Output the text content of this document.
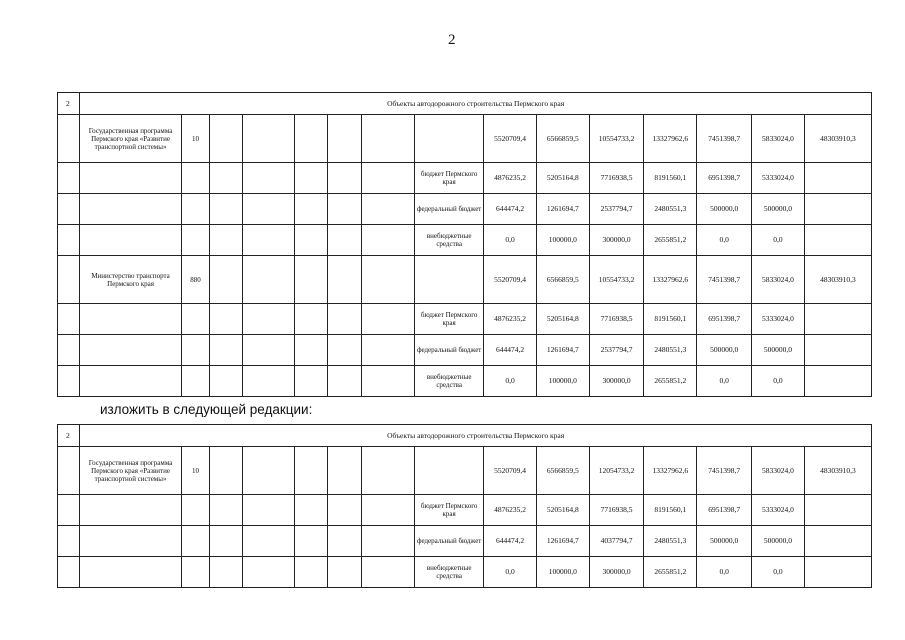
2
2	Объекты автодорожного строительства Пермского края														
	Государственная программа Пермского края «Развитие транспортной системы»	10							5520709,4	6566859,5	10554733,2	13327962,6	7451398,7	5833024,0	48303910,3
								бюджет Пермского края	4876235,2	5205164,8	7716938,5	8191560,1	6951398,7	5333024,0	
								федеральный бюджет	644474,2	1261694,7	2537794,7	2480551,3	500000,0	500000,0	
								внебюджетные средства	0,0	100000,0	300000,0	2655851,2	0,0	0,0	
	Министерство транспорта Пермского края	880							5520709,4	6566859,5	10554733,2	13327962,6	7451398,7	5833024,0	48303910,3
								бюджет Пермского края	4876235,2	5205164,8	7716938,5	8191560,1	6951398,7	5333024,0	
								федеральный бюджет	644474,2	1261694,7	2537794,7	2480551,3	500000,0	500000,0	
								внебюджетные средства	0,0	100000,0	300000,0	2655851,2	0,0	0,0	
изложить в следующей редакции:
2	Объекты автодорожного строительства Пермского края														
	Государственная программа Пермского края «Развитие транспортной системы»	10							5520709,4	6566859,5	12054733,2	13327962,6	7451398,7	5833024,0	48303910,3
								бюджет Пермского края	4876235,2	5205164,8	7716938,5	8191560,1	6951398,7	5333024,0	
								федеральный бюджет	644474,2	1261694,7	4037794,7	2480551,3	500000,0	500000,0	
								внебюджетные средства	0,0	100000,0	300000,0	2655851,2	0,0	0,0	
